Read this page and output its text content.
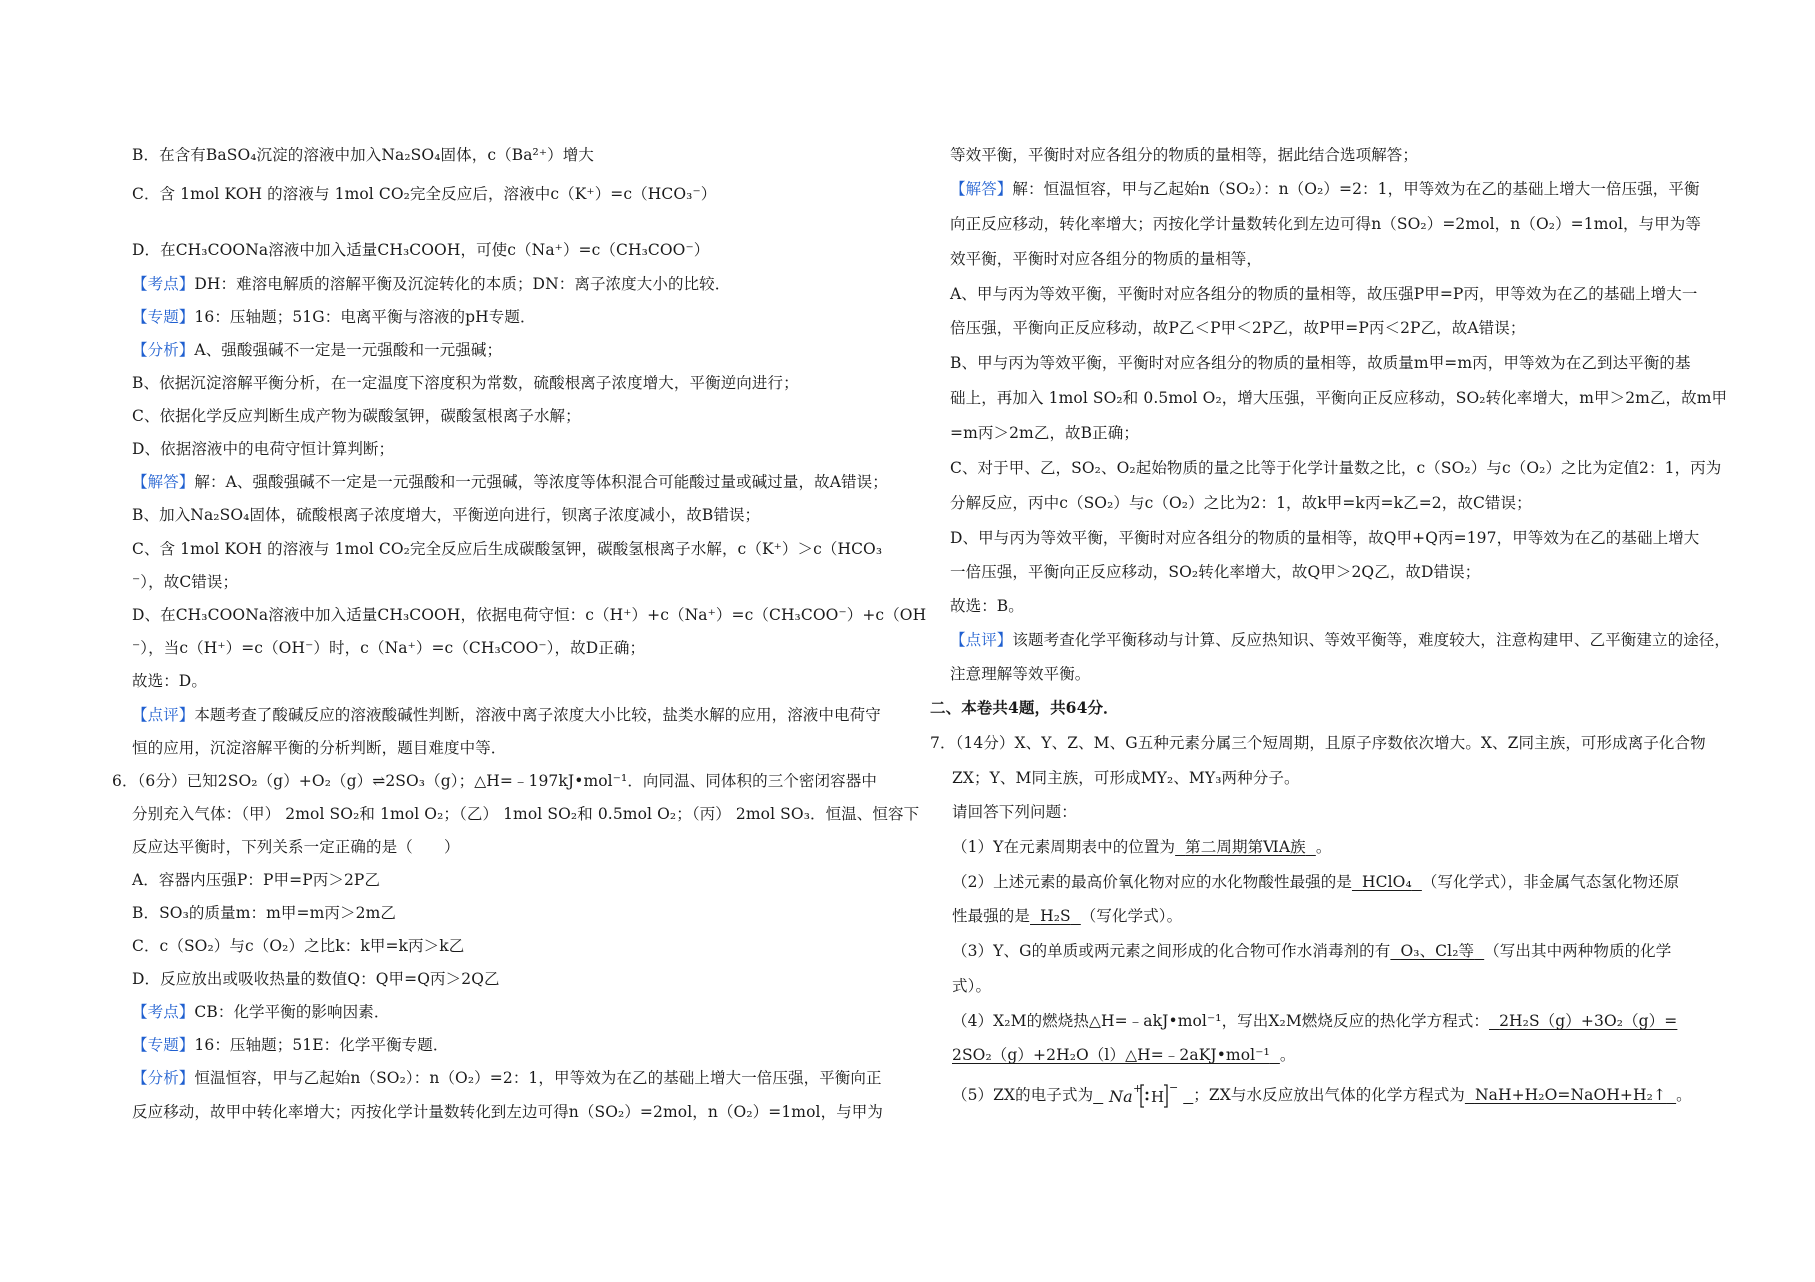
B．在含有BaSO₄沉淀的溶液中加入Na₂SO₄固体，c（Ba²⁺）增大
C．含 1mol KOH 的溶液与 1mol CO₂完全反应后，溶液中c（K⁺）=c（HCO₃⁻）
D．在CH₃COONa溶液中加入适量CH₃COOH，可使c（Na⁺）=c（CH₃COO⁻）
【考点】DH：难溶电解质的溶解平衡及沉淀转化的本质；DN：离子浓度大小的比较．
【专题】16：压轴题；51G：电离平衡与溶液的pH专题．
【分析】A、强酸强碱不一定是一元强酸和一元强碱；
B、依据沉淀溶解平衡分析，在一定温度下溶度积为常数，硫酸根离子浓度增大，平衡逆向进行；
C、依据化学反应判断生成产物为碳酸氢钾，碳酸氢根离子水解；
D、依据溶液中的电荷守恒计算判断；
【解答】解：A、强酸强碱不一定是一元强酸和一元强碱，等浓度等体积混合可能酸过量或碱过量，故A错误；
B、加入Na₂SO₄固体，硫酸根离子浓度增大，平衡逆向进行，钡离子浓度减小，故B错误；
C、含 1mol KOH 的溶液与 1mol CO₂完全反应后生成碳酸氢钾，碳酸氢根离子水解，c（K⁺）＞c（HCO₃
⁻），故C错误；
D、在CH₃COONa溶液中加入适量CH₃COOH，依据电荷守恒：c（H⁺）+c（Na⁺）=c（CH₃COO⁻）+c（OH
⁻），当c（H⁺）=c（OH⁻）时，c（Na⁺）=c（CH₃COO⁻），故D正确；
故选：D。
【点评】本题考查了酸碱反应的溶液酸碱性判断，溶液中离子浓度大小比较，盐类水解的应用，溶液中电荷守
恒的应用，沉淀溶解平衡的分析判断，题目难度中等．
6．（6分）已知2SO₂（g）+O₂（g）⇌2SO₃（g）；△H=﹣197kJ•mol⁻¹．向同温、同体积的三个密闭容器中
分别充入气体：（甲） 2mol SO₂和 1mol O₂；（乙） 1mol SO₂和 0.5mol O₂；（丙） 2mol SO₃．恒温、恒容下
反应达平衡时，下列关系一定正确的是（　　）
A．容器内压强P：P甲=P丙＞2P乙
B．SO₃的质量m：m甲=m丙＞2m乙
C．c（SO₂）与c（O₂）之比k：k甲=k丙＞k乙
D．反应放出或吸收热量的数值Q：Q甲=Q丙＞2Q乙
【考点】CB：化学平衡的影响因素．
【专题】16：压轴题；51E：化学平衡专题．
【分析】恒温恒容，甲与乙起始n（SO₂）：n（O₂）=2：1，甲等效为在乙的基础上增大一倍压强，平衡向正
反应移动，故甲中转化率增大；丙按化学计量数转化到左边可得n（SO₂）=2mol，n（O₂）=1mol，与甲为
等效平衡，平衡时对应各组分的物质的量相等，据此结合选项解答；
【解答】解：恒温恒容，甲与乙起始n（SO₂）：n（O₂）=2：1，甲等效为在乙的基础上增大一倍压强，平衡
向正反应移动，转化率增大；丙按化学计量数转化到左边可得n（SO₂）=2mol，n（O₂）=1mol，与甲为等
效平衡，平衡时对应各组分的物质的量相等，
A、甲与丙为等效平衡，平衡时对应各组分的物质的量相等，故压强P甲=P丙，甲等效为在乙的基础上增大一
倍压强，平衡向正反应移动，故P乙＜P甲＜2P乙，故P甲=P丙＜2P乙，故A错误；
B、甲与丙为等效平衡，平衡时对应各组分的物质的量相等，故质量m甲=m丙，甲等效为在乙到达平衡的基
础上，再加入 1mol SO₂和 0.5mol O₂，增大压强，平衡向正反应移动，SO₂转化率增大，m甲＞2m乙，故m甲
=m丙＞2m乙，故B正确；
C、对于甲、乙，SO₂、O₂起始物质的量之比等于化学计量数之比，c（SO₂）与c（O₂）之比为定值2：1，丙为
分解反应，丙中c（SO₂）与c（O₂）之比为2：1，故k甲=k丙=k乙=2，故C错误；
D、甲与丙为等效平衡，平衡时对应各组分的物质的量相等，故Q甲+Q丙=197，甲等效为在乙的基础上增大
一倍压强，平衡向正反应移动，SO₂转化率增大，故Q甲＞2Q乙，故D错误；
故选：B。
【点评】该题考查化学平衡移动与计算、反应热知识、等效平衡等，难度较大，注意构建甲、乙平衡建立的途径，
注意理解等效平衡。
二、本卷共4题，共64分．
7．（14分）X、Y、Z、M、G五种元素分属三个短周期，且原子序数依次增大。X、Z同主族，可形成离子化合物
ZX；Y、M同主族，可形成MY₂、MY₃两种分子。
请回答下列问题：
（1）Y在元素周期表中的位置为 第二周期第ⅥA族 。
（2）上述元素的最高价氧化物对应的水化物酸性最强的是 HClO₄ （写化学式），非金属气态氢化物还原
性最强的是 H₂S （写化学式）。
（3）Y、G的单质或两元素之间形成的化合物可作水消毒剂的有 O₃、Cl₂等 （写出其中两种物质的化学
式）。
（4）X₂M的燃烧热△H=﹣akJ•mol⁻¹，写出X₂M燃烧反应的热化学方程式： 2H₂S（g）+3O₂（g）=
2SO₂（g）+2H₂O（l）△H=﹣2aKJ•mol⁻¹ 。
（5）ZX的电子式为 Na + H
− ；ZX与水反应放出气体的化学方程式为 NaH+H₂O=NaOH+H₂↑ 。
